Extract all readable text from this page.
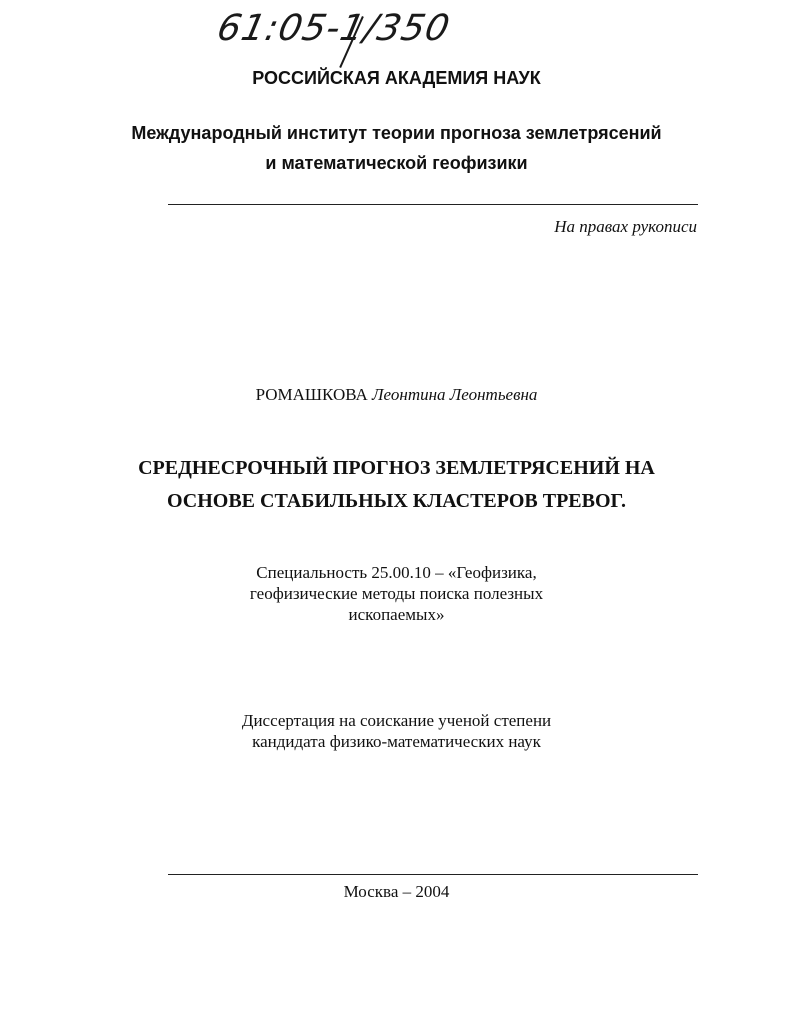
61:05-1/350
РОССИЙСКАЯ АКАДЕМИЯ НАУК
Международный институт теории прогноза землетрясений
и математической геофизики
На правах рукописи
РОМАШКОВА Леонтина Леонтьевна
СРЕДНЕСРОЧНЫЙ ПРОГНОЗ ЗЕМЛЕТРЯСЕНИЙ НА
ОСНОВЕ СТАБИЛЬНЫХ КЛАСТЕРОВ ТРЕВОГ.
Специальность 25.00.10 – «Геофизика,
геофизические методы поиска полезных
ископаемых»
Диссертация на соискание ученой степени
кандидата физико-математических наук
Москва – 2004
